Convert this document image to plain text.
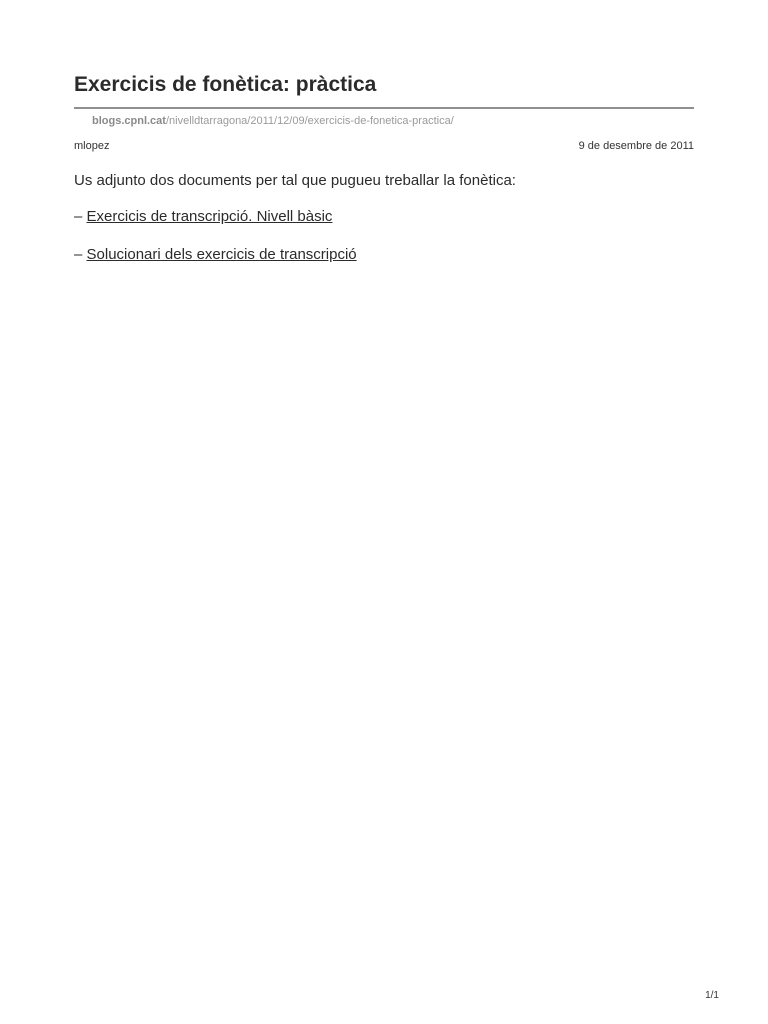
Exercicis de fonètica: pràctica
blogs.cpnl.cat/nivelldtarragona/2011/12/09/exercicis-de-fonetica-practica/
mlopez	9 de desembre de 2011
Us adjunto dos documents per tal que pugueu treballar la fonètica:
– Exercicis de transcripció. Nivell bàsic
– Solucionari dels exercicis de transcripció
1/1
